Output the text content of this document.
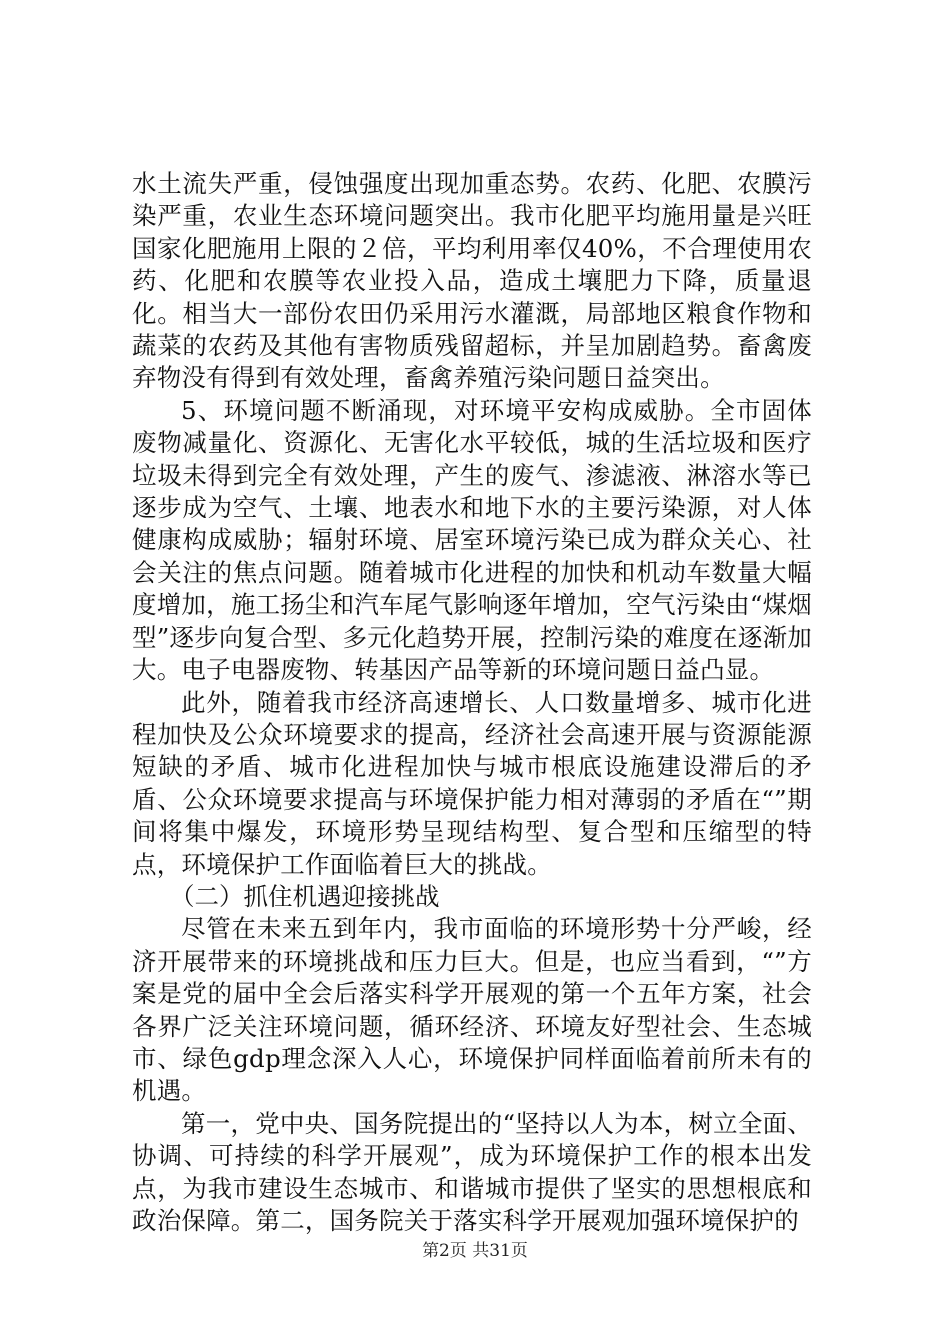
水土流失严重，侵蚀强度出现加重态势。农药、化肥、农膜污染严重，农业生态环境问题突出。我市化肥平均施用量是兴旺国家化肥施用上限的２倍，平均利用率仅40%，不合理使用农药、化肥和农膜等农业投入品，造成土壤肥力下降，质量退化。相当大一部份农田仍采用污水灌溉，局部地区粮食作物和蔬菜的农药及其他有害物质残留超标，并呈加剧趋势。畜禽废弃物没有得到有效处理，畜禽养殖污染问题日益突出。

5、环境问题不断涌现，对环境平安构成威胁。全市固体废物减量化、资源化、无害化水平较低，城的生活垃圾和医疗垃圾未得到完全有效处理，产生的废气、渗滤液、淋溶水等已逐步成为空气、土壤、地表水和地下水的主要污染源，对人体健康构成威胁；辐射环境、居室环境污染已成为群众关心、社会关注的焦点问题。随着城市化进程的加快和机动车数量大幅度增加，施工扬尘和汽车尾气影响逐年增加，空气污染由“煤烟型”逐步向复合型、多元化趋势开展，控制污染的难度在逐渐加大。电子电器废物、转基因产品等新的环境问题日益凸显。

此外，随着我市经济高速增长、人口数量增多、城市化进程加快及公众环境要求的提高，经济社会高速开展与资源能源短缺的矛盾、城市化进程加快与城市根底设施建设滞后的矛盾、公众环境要求提高与环境保护能力相对薄弱的矛盾在“”期间将集中爆发，环境形势呈现结构型、复合型和压缩型的特点，环境保护工作面临着巨大的挑战。

（二）抓住机遇迎接挑战

尽管在未来五到年内，我市面临的环境形势十分严峻，经济开展带来的环境挑战和压力巨大。但是，也应当看到，“”方案是党的届中全会后落实科学开展观的第一个五年方案，社会各界广泛关注环境问题，循环经济、环境友好型社会、生态城市、绿色gdp理念深入人心，环境保护同样面临着前所未有的机遇。

第一，党中央、国务院提出的“坚持以人为本，树立全面、协调、可持续的科学开展观”，成为环境保护工作的根本出发点，为我市建设生态城市、和谐城市提供了坚实的思想根底和政治保障。第二，国务院关于落实科学开展观加强环境保护的

第2页 共31页
